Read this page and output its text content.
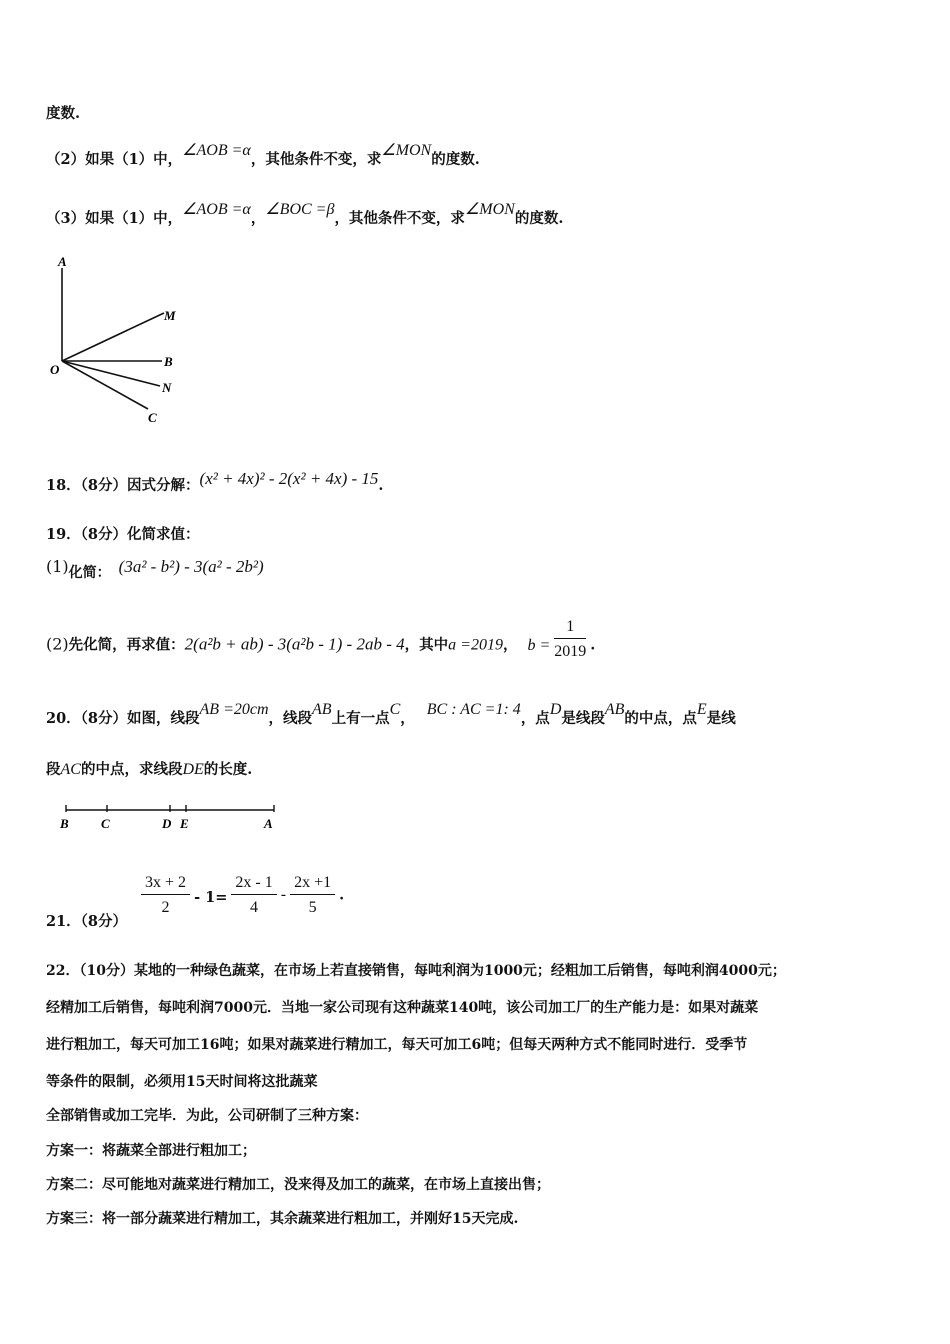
度数.
（2）如果（1）中，∠AOB =α，其他条件不变，求∠MON的度数.
（3）如果（1）中，∠AOB =α，∠BOC =β，其他条件不变，求∠MON的度数.
A
M
O
B
N
C
18．（8分）因式分解：(x² + 4x)² - 2(x² + 4x) - 15.
19．（8分）化简求值：
(1)化简： (3a² - b²) - 3(a² - 2b²)
(2)先化简，再求值：2(a²b + ab) - 3(a²b - 1) - 2ab - 4，其中a =2019， $b = \frac{1}{2019}$ .
20．（8分）如图，线段AB =20cm，线段AB上有一点C，BC : AC =1: 4，点D是线段AB的中点，点E是线
段AC的中点，求线段DE的长度.
B C	D E	A
21．（8分）
$\frac{3x + 2}{2} - 1= \frac{2x - 1}{4} - \frac{2x +1}{5}$ .
22．（10分）某地的一种绿色蔬菜，在市场上若直接销售，每吨利润为1000元；经粗加工后销售，每吨利润4000元；
经精加工后销售，每吨利润7000元．当地一家公司现有这种蔬菜140吨，该公司加工厂的生产能力是：如果对蔬菜
进行粗加工，每天可加工16吨；如果对蔬菜进行精加工，每天可加工6吨；但每天两种方式不能同时进行．受季节
等条件的限制，必须用15天时间将这批蔬菜
全部销售或加工完毕．为此，公司研制了三种方案：
方案一：将蔬菜全部进行粗加工；
方案二：尽可能地对蔬菜进行精加工，没来得及加工的蔬菜，在市场上直接出售；
方案三：将一部分蔬菜进行精加工，其余蔬菜进行粗加工，并刚好15天完成.
